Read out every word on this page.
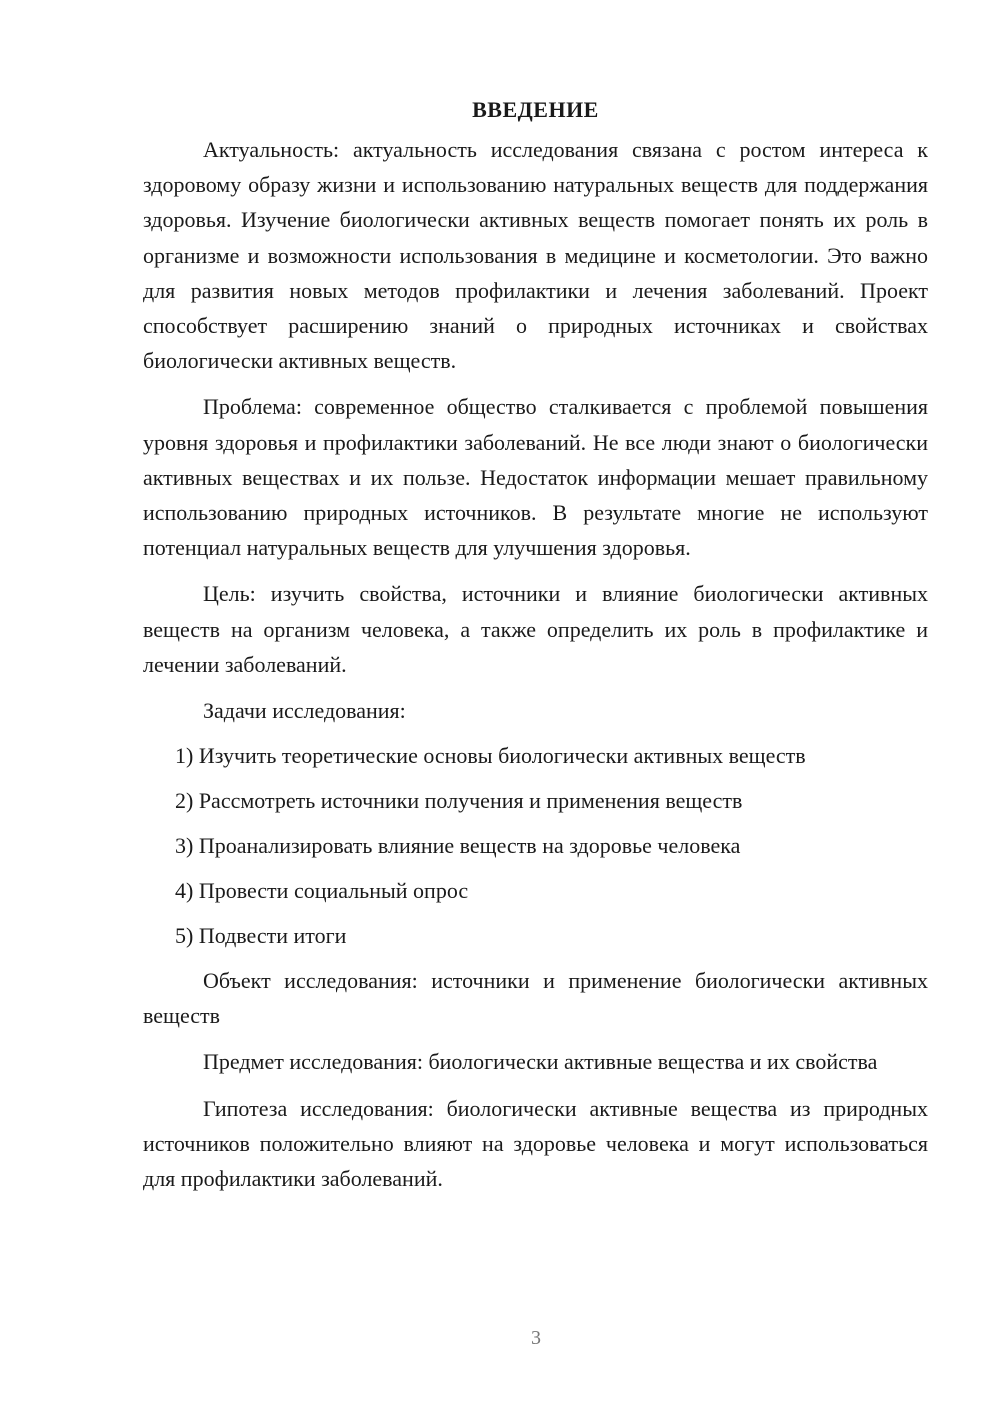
ВВЕДЕНИЕ

Актуальность: актуальность исследования связана с ростом интереса к здоровому образу жизни и использованию натуральных веществ для поддержания здоровья. Изучение биологически активных веществ помогает понять их роль в организме и возможности использования в медицине и косметологии. Это важно для развития новых методов профилактики и лечения заболеваний. Проект способствует расширению знаний о природных источниках и свойствах биологически активных веществ.

Проблема: современное общество сталкивается с проблемой повышения уровня здоровья и профилактики заболеваний. Не все люди знают о биологически активных веществах и их пользе. Недостаток информации мешает правильному использованию природных источников. В результате многие не используют потенциал натуральных веществ для улучшения здоровья.

Цель: изучить свойства, источники и влияние биологически активных веществ на организм человека, а также определить их роль в профилактике и лечении заболеваний.

Задачи исследования:
1) Изучить теоретические основы биологически активных веществ
2) Рассмотреть источники получения и применения веществ
3) Проанализировать влияние веществ на здоровье человека
4) Провести социальный опрос
5) Подвести итоги

Объект исследования: источники и применение биологически активных веществ

Предмет исследования: биологически активные вещества и их свойства

Гипотеза исследования: биологически активные вещества из природных источников положительно влияют на здоровье человека и могут использоваться для профилактики заболеваний.

3
